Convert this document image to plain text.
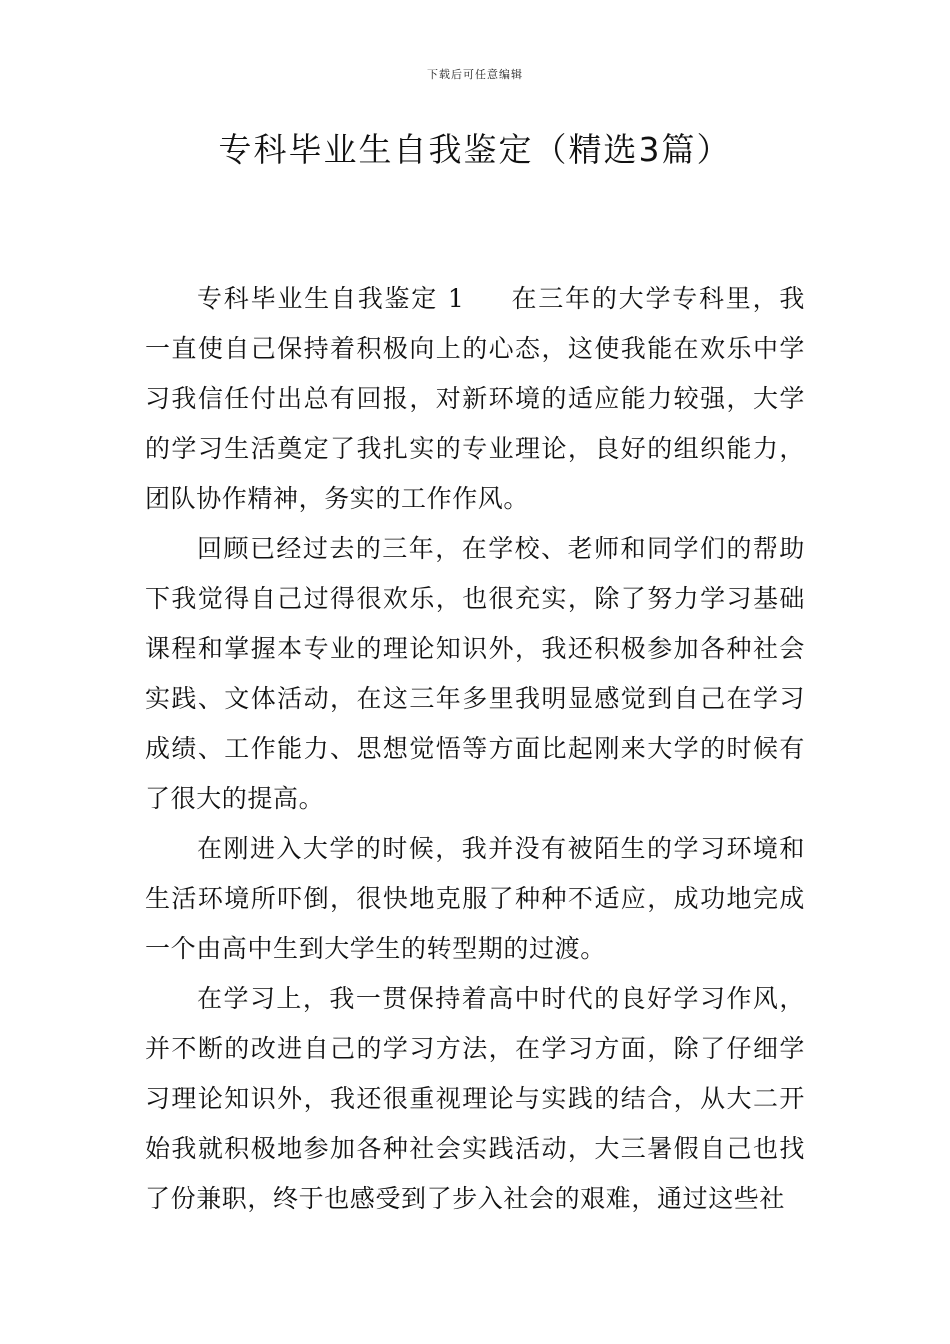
下载后可任意编辑
专科毕业生自我鉴定（精选3篇）

专科毕业生自我鉴定 1 在三年的大学专科里，我一直使自己保持着积极向上的心态，这使我能在欢乐中学习我信任付出总有回报，对新环境的适应能力较强，大学的学习生活奠定了我扎实的专业理论，良好的组织能力，团队协作精神，务实的工作作风。

回顾已经过去的三年，在学校、老师和同学们的帮助下我觉得自己过得很欢乐，也很充实，除了努力学习基础课程和掌握本专业的理论知识外，我还积极参加各种社会实践、文体活动，在这三年多里我明显感觉到自己在学习成绩、工作能力、思想觉悟等方面比起刚来大学的时候有了很大的提高。

在刚进入大学的时候，我并没有被陌生的学习环境和生活环境所吓倒，很快地克服了种种不适应，成功地完成一个由高中生到大学生的转型期的过渡。

在学习上，我一贯保持着高中时代的良好学习作风，并不断的改进自己的学习方法，在学习方面，除了仔细学习理论知识外，我还很重视理论与实践的结合，从大二开始我就积极地参加各种社会实践活动，大三暑假自己也找了份兼职，终于也感受到了步入社会的艰难，通过这些社
